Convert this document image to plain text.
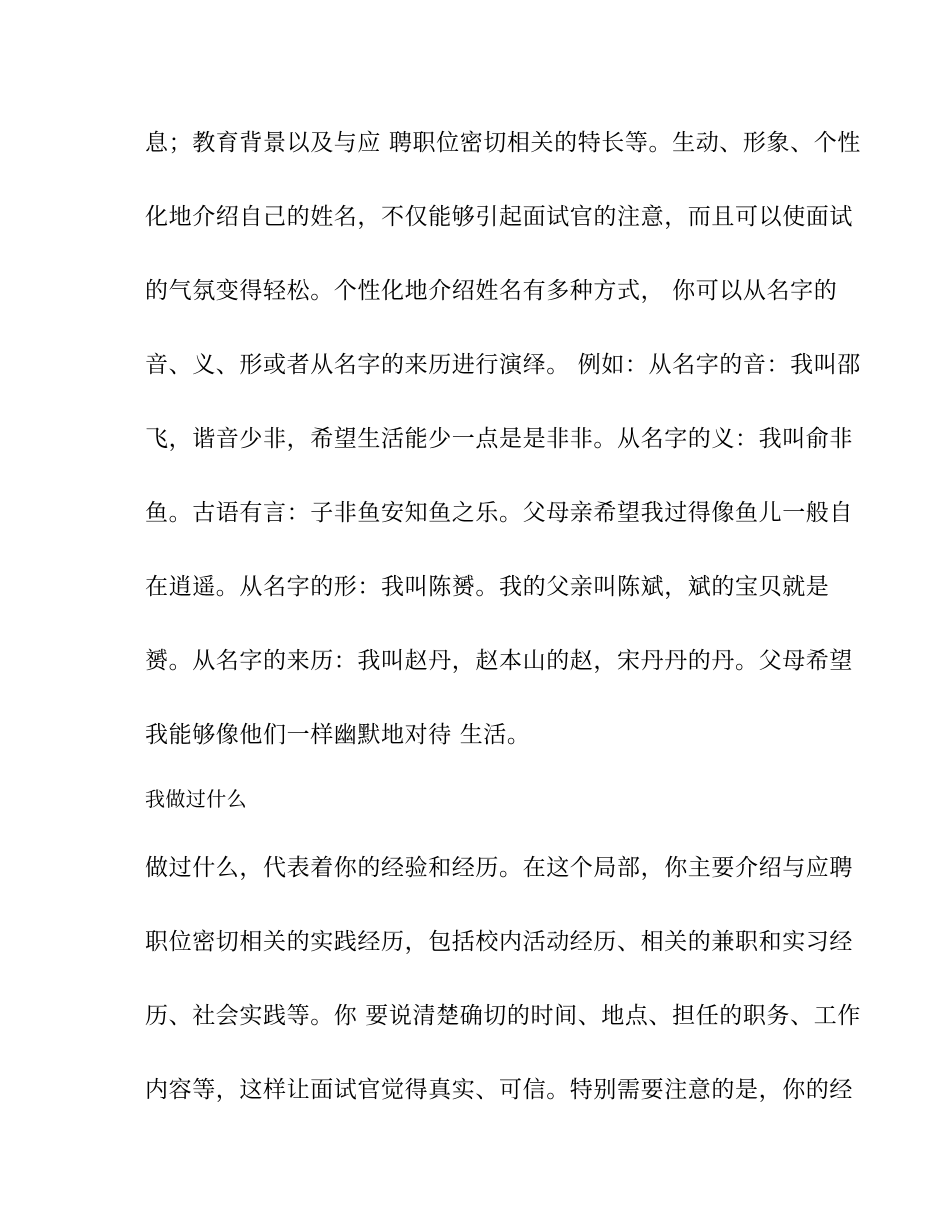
息；教育背景以及与应 聘职位密切相关的特长等。生动、形象、个性
化地介绍自己的姓名，不仅能够引起面试官的注意，而且可以使面试
的气氛变得轻松。个性化地介绍姓名有多种方式， 你可以从名字的
音、义、形或者从名字的来历进行演绎。 例如：从名字的音：我叫邵
飞，谐音少非，希望生活能少一点是是非非。从名字的义：我叫俞非
鱼。古语有言：子非鱼安知鱼之乐。父母亲希望我过得像鱼儿一般自
在逍遥。从名字的形：我叫陈赟。我的父亲叫陈斌，斌的宝贝就是
赟。从名字的来历：我叫赵丹，赵本山的赵，宋丹丹的丹。父母希望
我能够像他们一样幽默地对待 生活。
我做过什么
做过什么，代表着你的经验和经历。在这个局部，你主要介绍与应聘
职位密切相关的实践经历，包括校内活动经历、相关的兼职和实习经
历、社会实践等。你 要说清楚确切的时间、地点、担任的职务、工作
内容等，这样让面试官觉得真实、可信。特别需要注意的是，你的经
